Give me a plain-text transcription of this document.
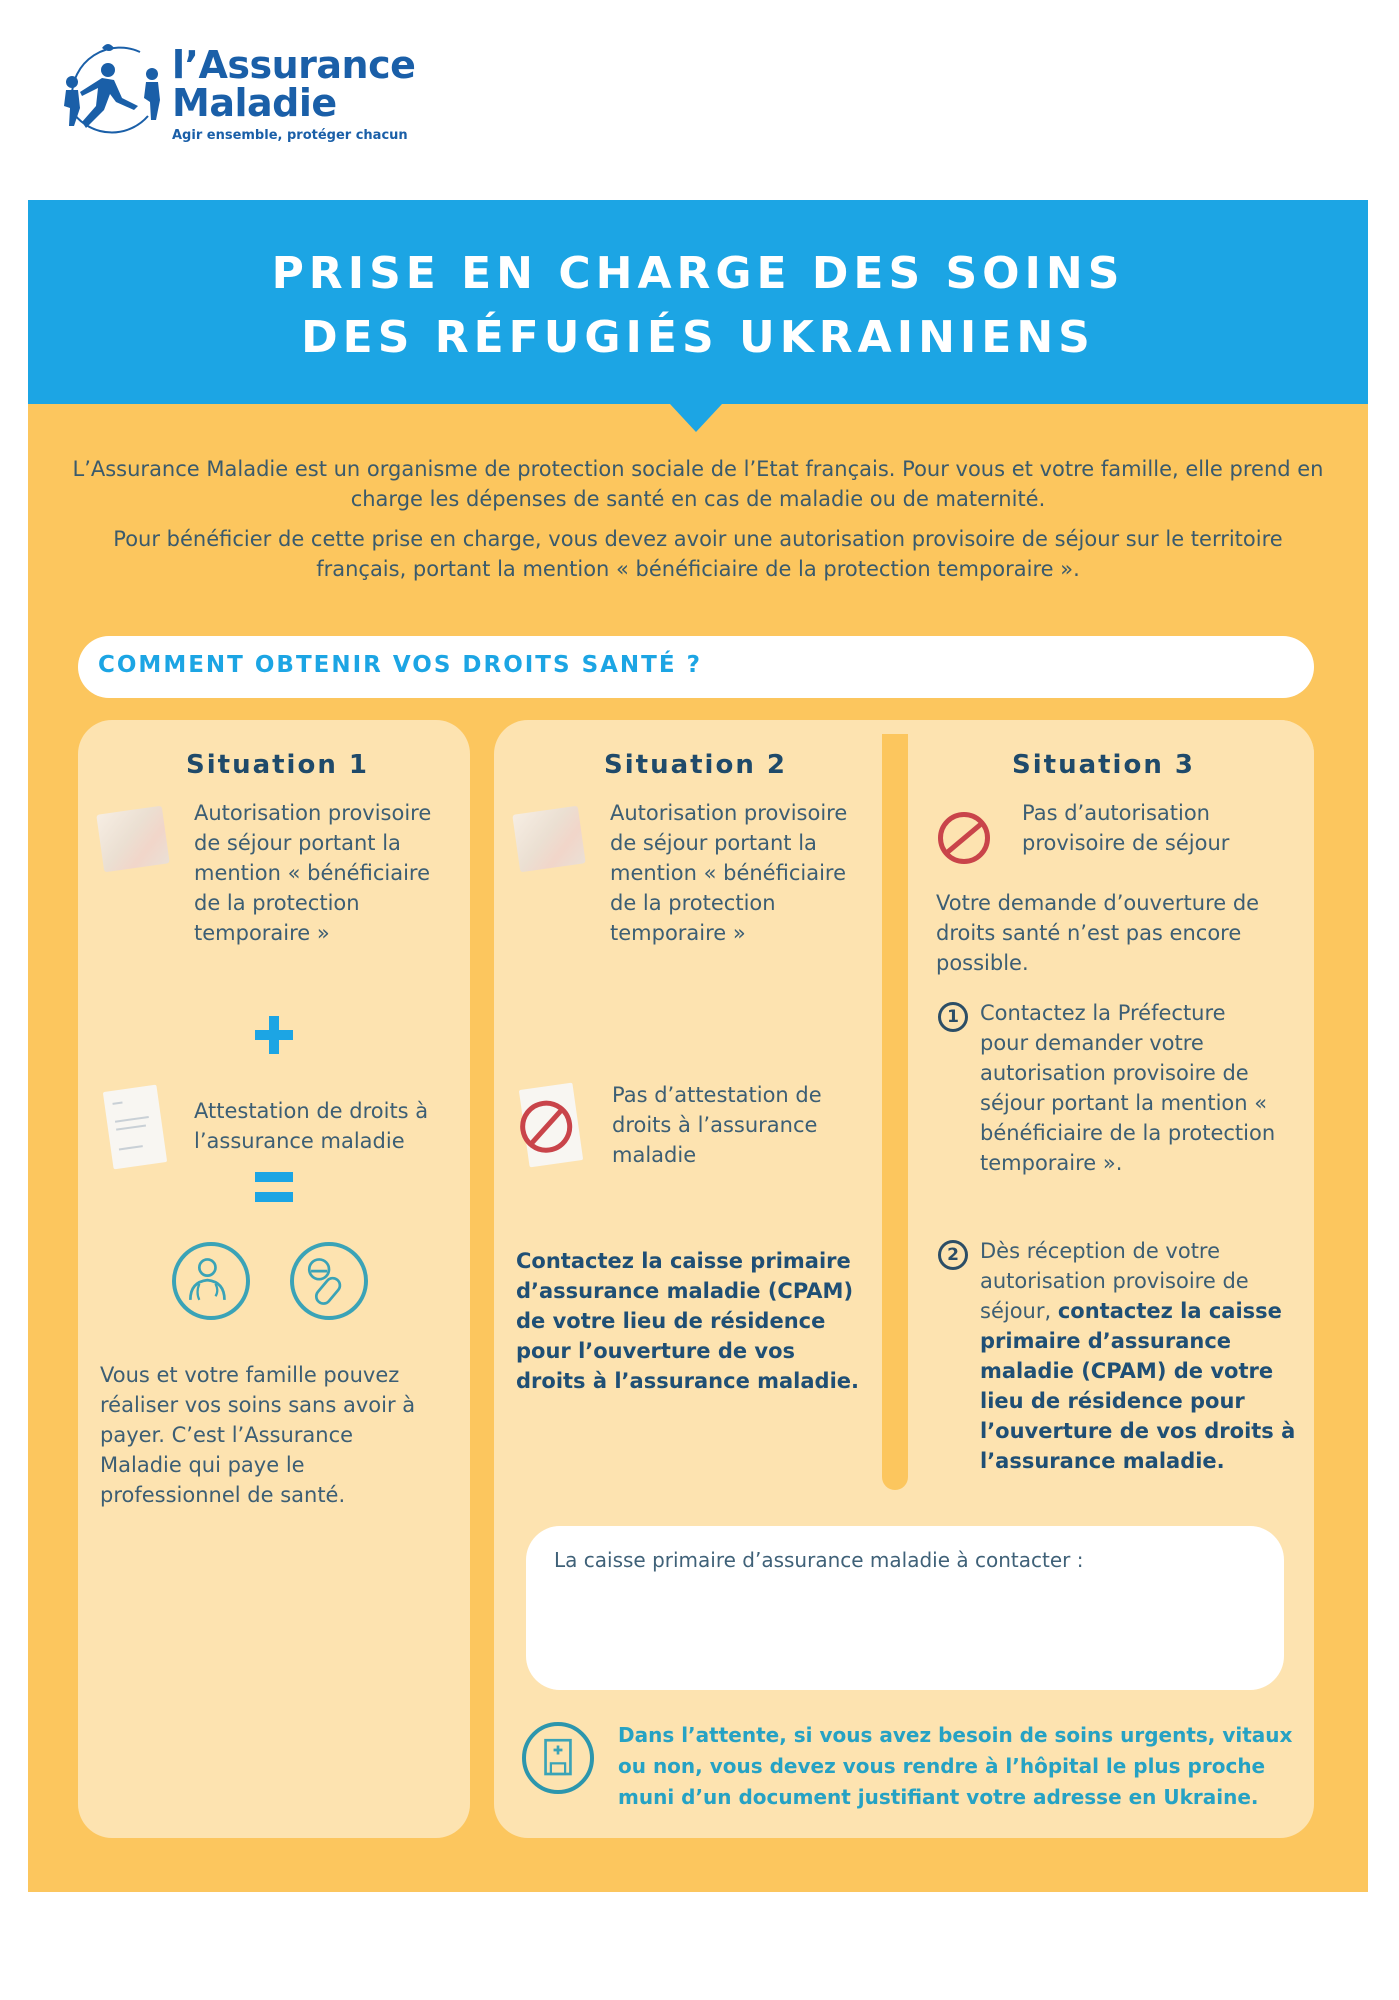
l’Assurance
Maladie
Agir ensemble, protéger chacun
PRISE EN CHARGE DES SOINS
DES RÉFUGIÉS UKRAINIENS

L’Assurance Maladie est un organisme de protection sociale de l’Etat français. Pour vous et votre famille, elle prend en charge les dépenses de santé en cas de maladie ou de maternité.

Pour bénéficier de cette prise en charge, vous devez avoir une autorisation provisoire de séjour sur le territoire français, portant la mention « bénéficiaire de la protection temporaire ».

COMMENT OBTENIR VOS DROITS SANTÉ ?
Situation 1
Autorisation provisoire de séjour portant la mention « bénéficiaire de la protection temporaire »
Attestation de droits à l’assurance maladie
Vous et votre famille pouvez réaliser vos soins sans avoir à payer. C’est l’Assurance Maladie qui paye le professionnel de santé.
Situation 2
Autorisation provisoire de séjour portant la mention « bénéficiaire de la protection temporaire »
Pas d’attestation de droits à l’assurance maladie
Contactez la caisse primaire d’assurance maladie (CPAM) de votre lieu de résidence pour l’ouverture de vos droits à l’assurance maladie.
Situation 3
Pas d’autorisation provisoire de séjour
Votre demande d’ouverture de droits santé n’est pas encore possible.
1	Contactez la Préfecture pour demander votre autorisation provisoire de séjour portant la mention « bénéficiaire de la protection temporaire ».
2	Dès réception de votre autorisation provisoire de séjour, contactez la caisse primaire d’assurance maladie (CPAM) de votre lieu de résidence pour l’ouverture de vos droits à l’assurance maladie.
La caisse primaire d’assurance maladie à contacter :
Dans l’attente, si vous avez besoin de soins urgents, vitaux ou non, vous devez vous rendre à l’hôpital le plus proche muni d’un document justifiant votre adresse en Ukraine.
